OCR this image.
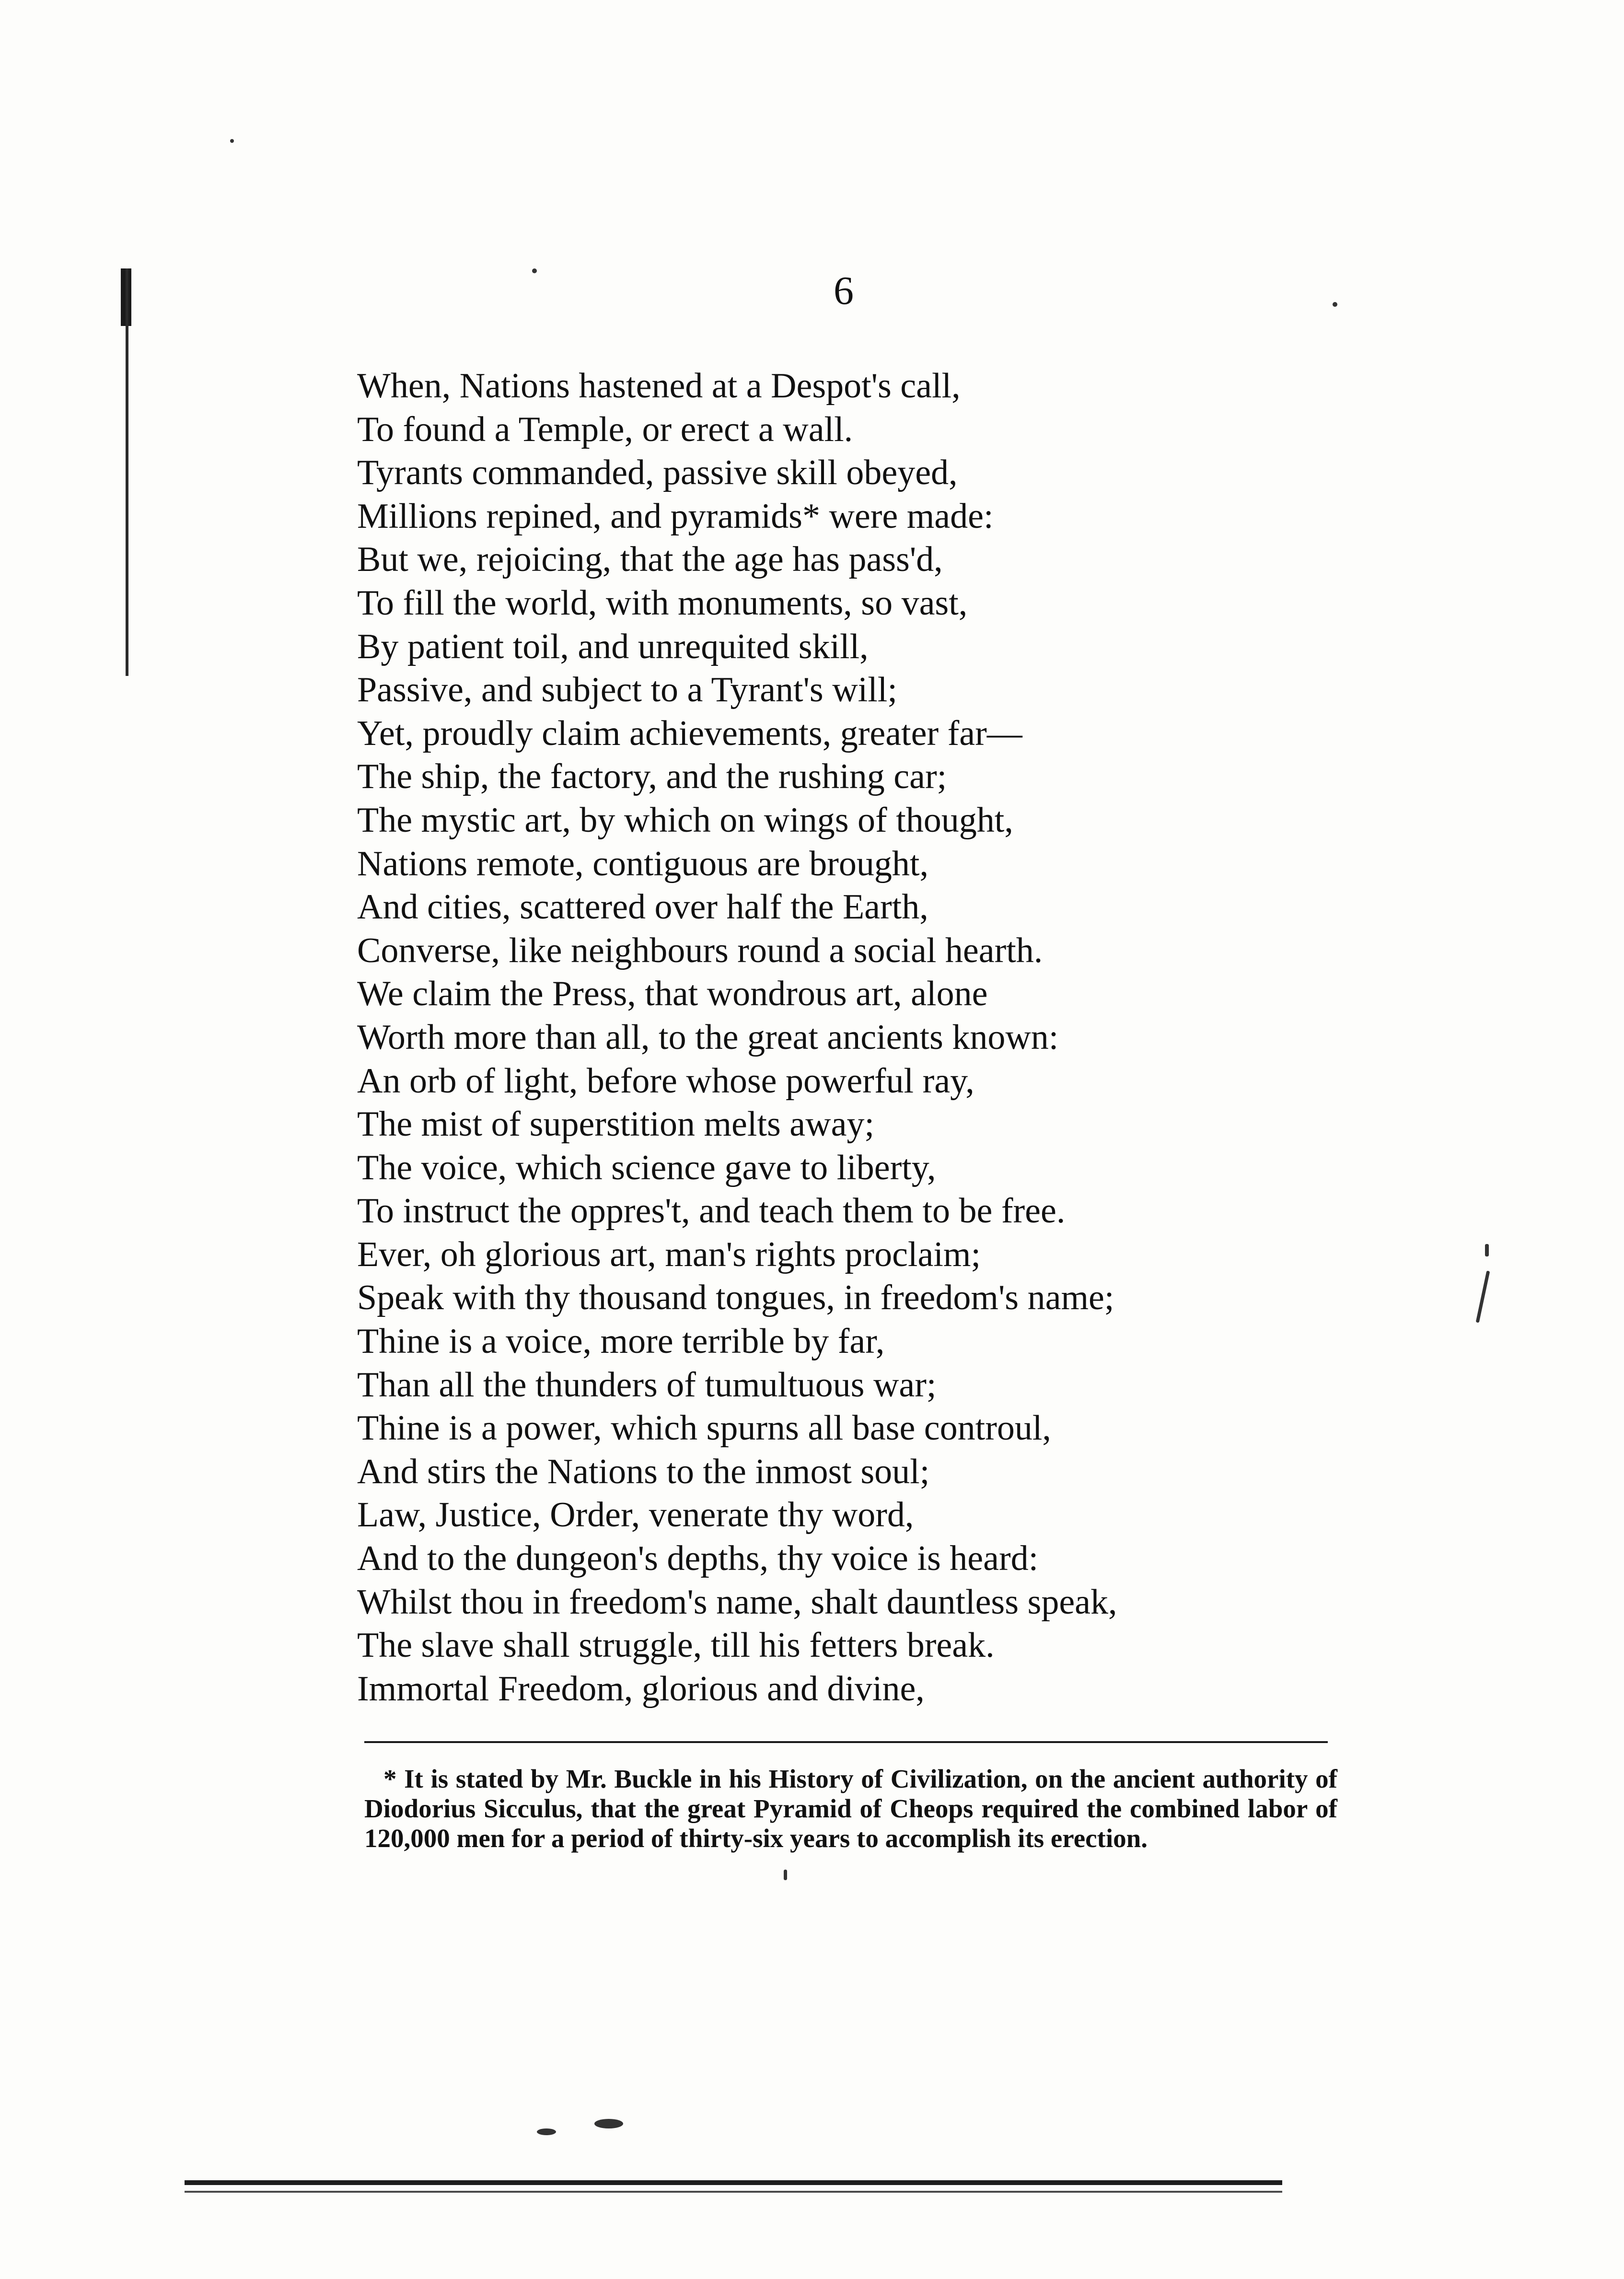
6
When, Nations hastened at a Despot's call,
To found a Temple, or erect a wall.
Tyrants commanded, passive skill obeyed,
Millions repined, and pyramids* were made:
But we, rejoicing, that the age has pass'd,
To fill the world, with monuments, so vast,
By patient toil, and unrequited skill,
Passive, and subject to a Tyrant's will;
Yet, proudly claim achievements, greater far—
The ship, the factory, and the rushing car;
The mystic art, by which on wings of thought,
Nations remote, contiguous are brought,
And cities, scattered over half the Earth,
Converse, like neighbours round a social hearth.
We claim the Press, that wondrous art, alone
Worth more than all, to the great ancients known:
An orb of light, before whose powerful ray,
The mist of superstition melts away;
The voice, which science gave to liberty,
To instruct the oppres't, and teach them to be free.
Ever, oh glorious art, man's rights proclaim;
Speak with thy thousand tongues, in freedom's name;
Thine is a voice, more terrible by far,
Than all the thunders of tumultuous war;
Thine is a power, which spurns all base controul,
And stirs the Nations to the inmost soul;
Law, Justice, Order, venerate thy word,
And to the dungeon's depths, thy voice is heard:
Whilst thou in freedom's name, shalt dauntless speak,
The slave shall struggle, till his fetters break.
Immortal Freedom, glorious and divine,
* It is stated by Mr. Buckle in his History of Civilization, on the ancient authority of Diodorius Sicculus, that the great Pyramid of Cheops required the combined labor of 120,000 men for a period of thirty-six years to accomplish its erection.
